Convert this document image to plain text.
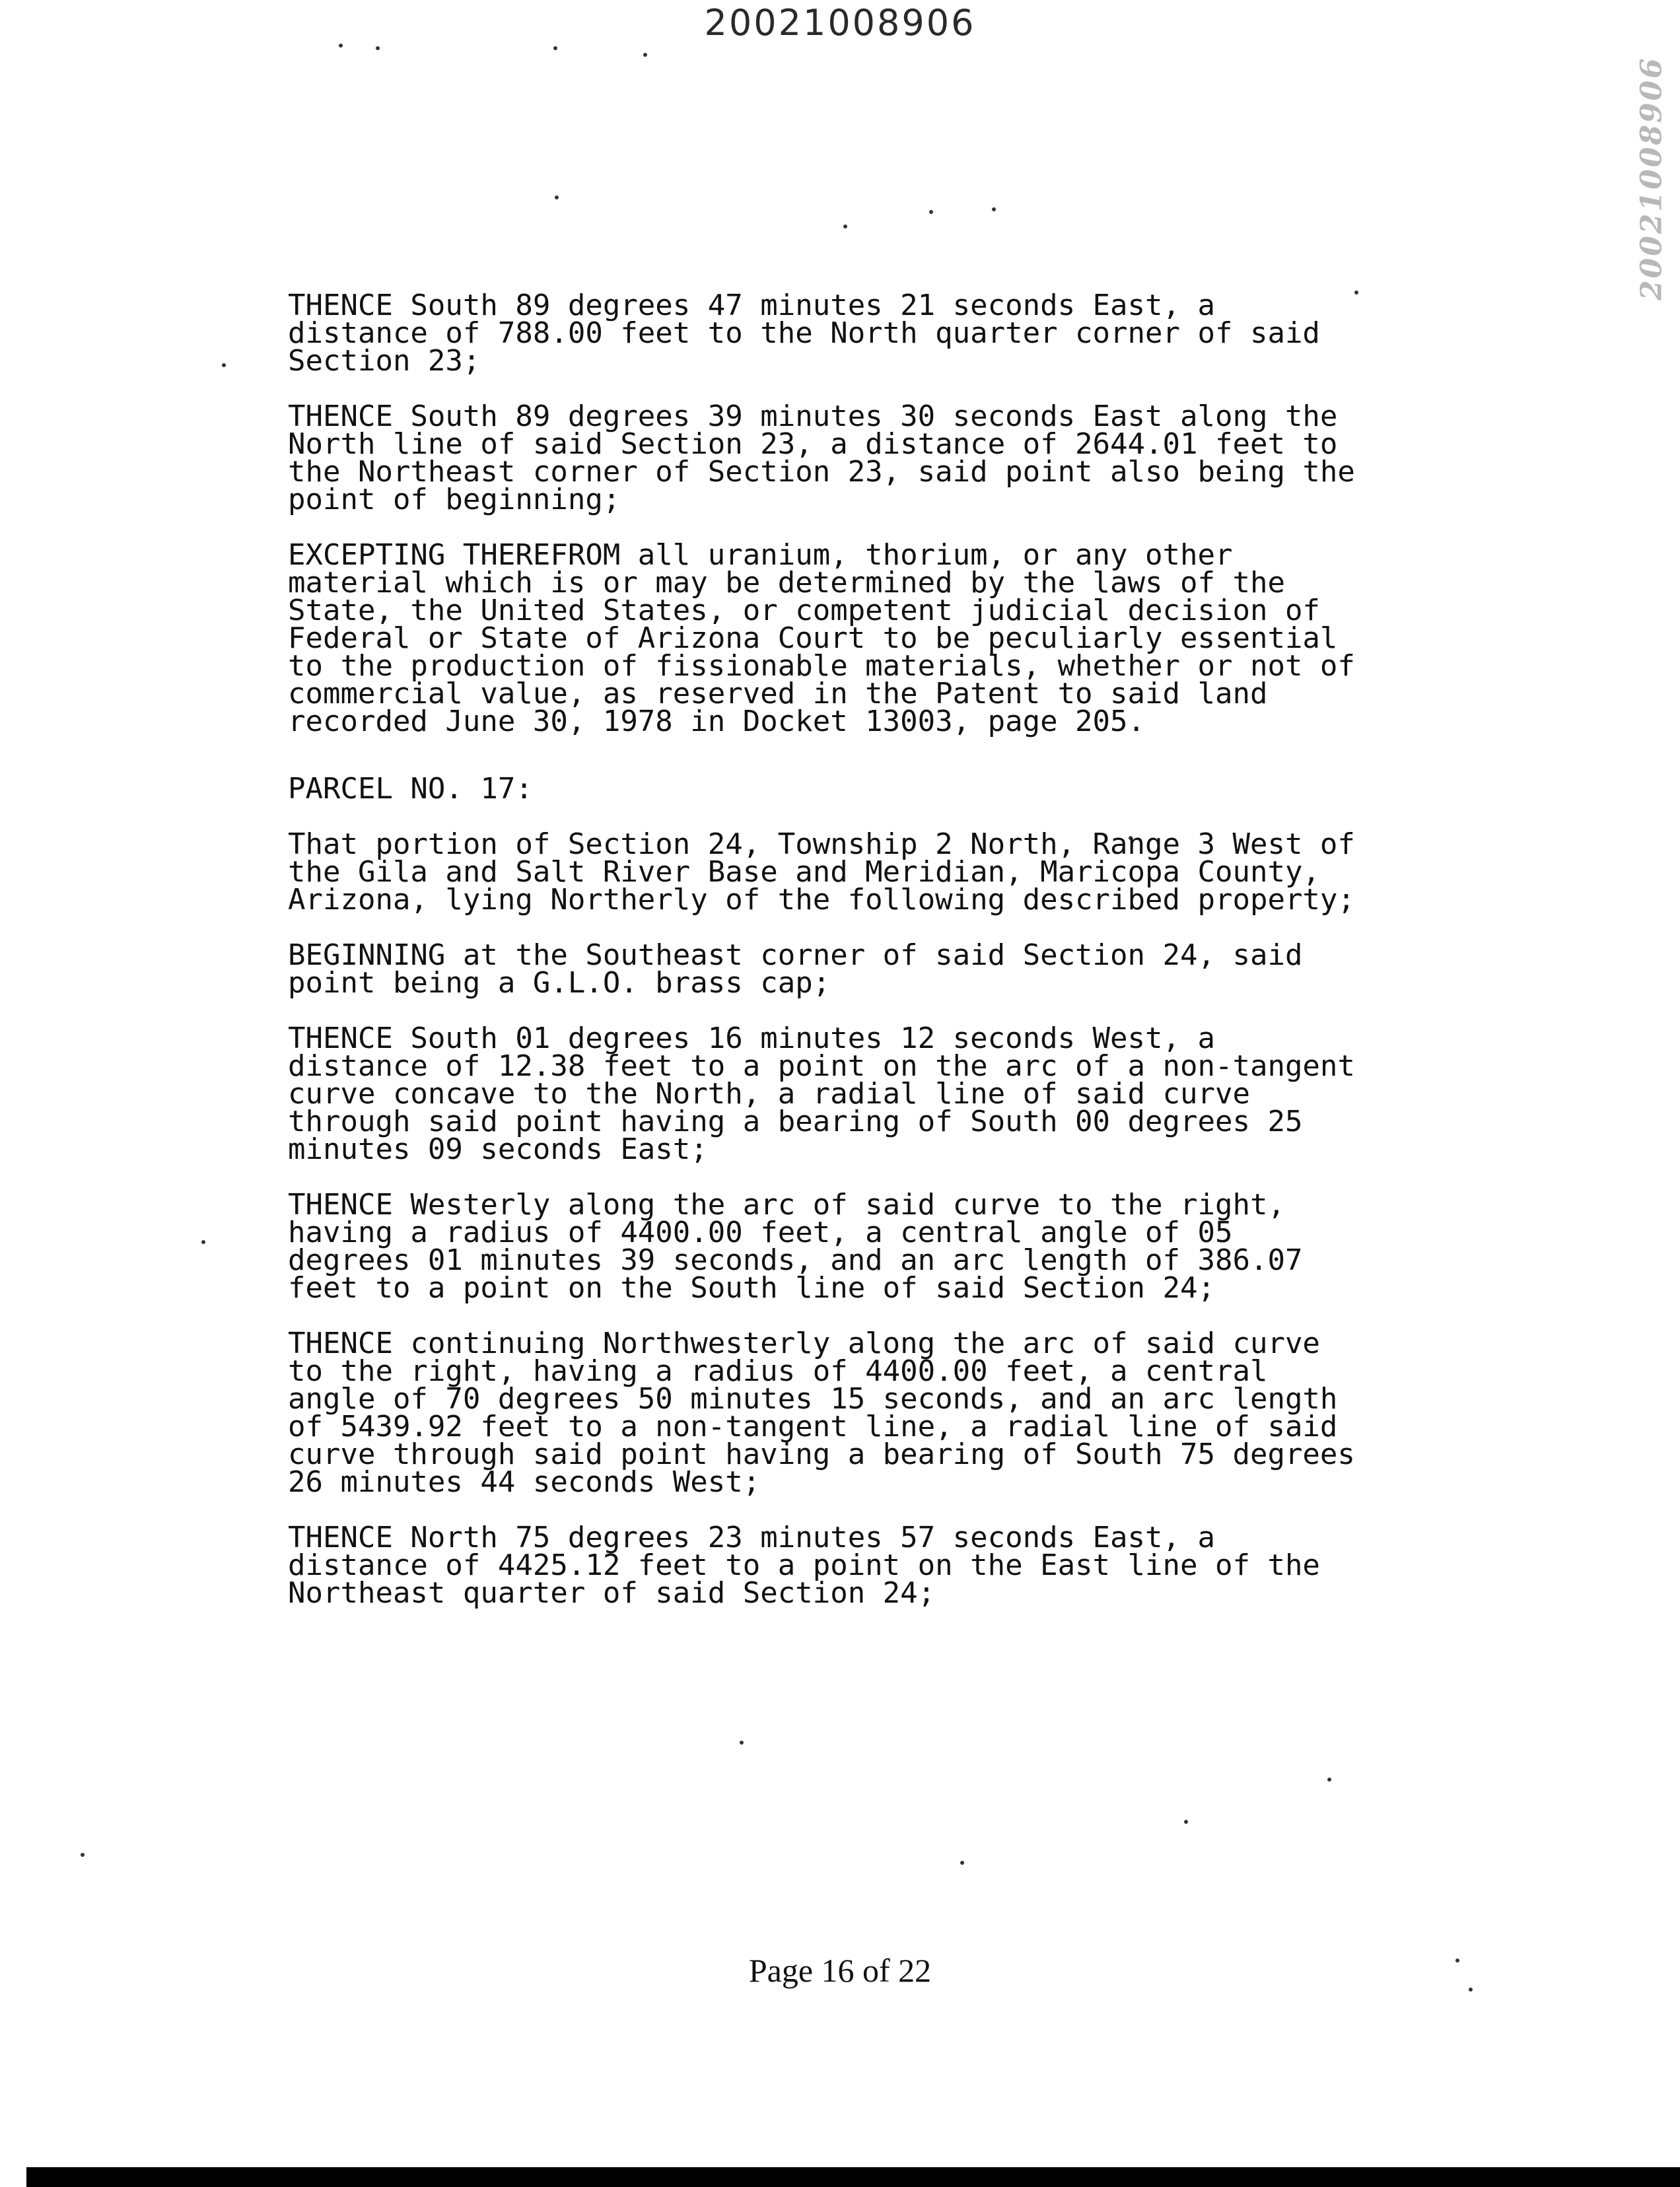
20021008906
20021008906

THENCE South 89 degrees 47 minutes 21 seconds East, a
distance of 788.00 feet to the North quarter corner of said
Section 23;

THENCE South 89 degrees 39 minutes 30 seconds East along the
North line of said Section 23, a distance of 2644.01 feet to
the Northeast corner of Section 23, said point also being the
point of beginning;

EXCEPTING THEREFROM all uranium, thorium, or any other
material which is or may be determined by the laws of the
State, the United States, or competent judicial decision of
Federal or State of Arizona Court to be peculiarly essential
to the production of fissionable materials, whether or not of
commercial value, as reserved in the Patent to said land
recorded June 30, 1978 in Docket 13003, page 205.

PARCEL NO. 17:

That portion of Section 24, Township 2 North, Range 3 West of
the Gila and Salt River Base and Meridian, Maricopa County,
Arizona, lying Northerly of the following described property;

BEGINNING at the Southeast corner of said Section 24, said
point being a G.L.O. brass cap;

THENCE South 01 degrees 16 minutes 12 seconds West, a
distance of 12.38 feet to a point on the arc of a non-tangent
curve concave to the North, a radial line of said curve
through said point having a bearing of South 00 degrees 25
minutes 09 seconds East;

THENCE Westerly along the arc of said curve to the right,
having a radius of 4400.00 feet, a central angle of 05
degrees 01 minutes 39 seconds, and an arc length of 386.07
feet to a point on the South line of said Section 24;

THENCE continuing Northwesterly along the arc of said curve
to the right, having a radius of 4400.00 feet, a central
angle of 70 degrees 50 minutes 15 seconds, and an arc length
of 5439.92 feet to a non-tangent line, a radial line of said
curve through said point having a bearing of South 75 degrees
26 minutes 44 seconds West;

THENCE North 75 degrees 23 minutes 57 seconds East, a
distance of 4425.12 feet to a point on the East line of the
Northeast quarter of said Section 24;

Page 16 of 22
